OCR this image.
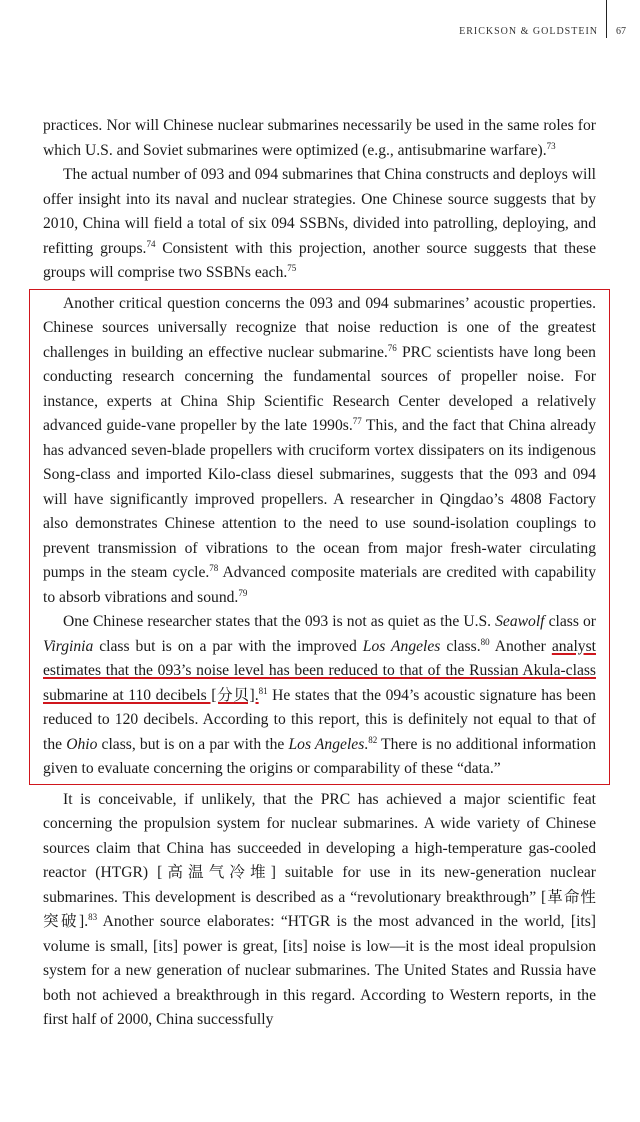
ERICKSON & GOLDSTEIN 67

practices. Nor will Chinese nuclear submarines necessarily be used in the same roles for which U.S. and Soviet submarines were optimized (e.g., antisubmarine warfare).$^{73}$

The actual number of 093 and 094 submarines that China constructs and deploys will offer insight into its naval and nuclear strategies. One Chinese source suggests that by 2010, China will field a total of six 094 SSBNs, divided into patrolling, deploying, and refitting groups.$^{74}$ Consistent with this projection, another source suggests that these groups will comprise two SSBNs each.$^{75}$

Another critical question concerns the 093 and 094 submarines’ acoustic properties. Chinese sources universally recognize that noise reduction is one of the greatest challenges in building an effective nuclear submarine.$^{76}$ PRC scientists have long been conducting research concerning the fundamental sources of propeller noise. For instance, experts at China Ship Scientific Research Center developed a relatively advanced guide-vane propeller by the late 1990s.$^{77}$ This, and the fact that China already has advanced seven-blade propellers with cruciform vortex dissipaters on its indigenous Song-class and imported Kilo-class diesel submarines, suggests that the 093 and 094 will have significantly improved propellers. A researcher in Qingdao’s 4808 Factory also demonstrates Chinese attention to the need to use sound-isolation couplings to prevent transmission of vibrations to the ocean from major fresh-water circulating pumps in the steam cycle.$^{78}$ Advanced composite materials are credited with capability to absorb vibrations and sound.$^{79}$

One Chinese researcher states that the 093 is not as quiet as the U.S. Seawolf class or Virginia class but is on a par with the improved Los Angeles class.$^{80}$ Another analyst estimates that the 093’s noise level has been reduced to that of the Russian Akula-class submarine at 110 decibels [分贝].$^{81}$ He states that the 094’s acoustic signature has been reduced to 120 decibels. According to this report, this is definitely not equal to that of the Ohio class, but is on a par with the Los Angeles.$^{82}$ There is no additional information given to evaluate concerning the origins or comparability of these “data.”

It is conceivable, if unlikely, that the PRC has achieved a major scientific feat concerning the propulsion system for nuclear submarines. A wide variety of Chinese sources claim that China has succeeded in developing a high-temperature gas-cooled reactor (HTGR) [高温气冷堆] suitable for use in its new-generation nuclear submarines. This development is described as a “revolutionary breakthrough” [革命性突破].$^{83}$ Another source elaborates: “HTGR is the most advanced in the world, [its] volume is small, [its] power is great, [its] noise is low—it is the most ideal propulsion system for a new generation of nuclear submarines. The United States and Russia have both not achieved a breakthrough in this regard. According to Western reports, in the first half of 2000, China successfully
